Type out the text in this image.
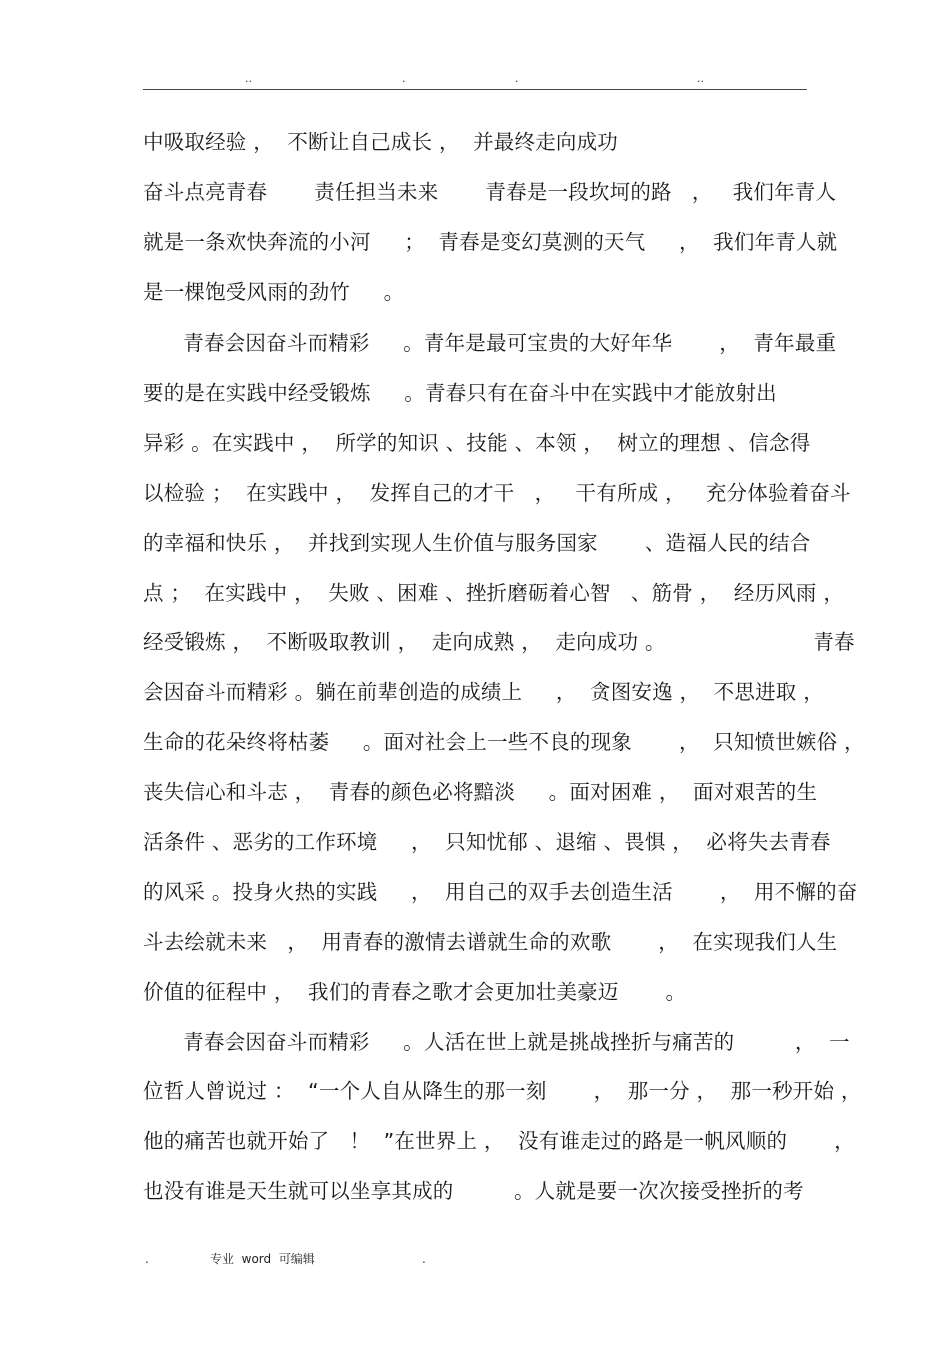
..	.	.	..
中吸取经验 ，  不断让自己成长 ，  并最终走向成功
奋斗点亮青春       责任担当未来       青春是一段坎坷的路   ，   我们年青人
就是一条欢快奔流的小河     ；  青春是变幻莫测的天气     ，  我们年青人就
是一棵饱受风雨的劲竹     。
青春会因奋斗而精彩     。青年是最可宝贵的大好年华       ，  青年最重
要的是在实践中经受锻炼     。青春只有在奋斗中在实践中才能放射出
异彩 。在实践中 ，  所学的知识 、技能 、本领 ，  树立的理想 、信念得
以检验 ；  在实践中 ，  发挥自己的才干   ，   干有所成 ，   充分体验着奋斗
的幸福和快乐 ，  并找到实现人生价值与服务国家       、造福人民的结合
点 ；  在实践中 ，  失败 、困难 、挫折磨砺着心智   、筋骨 ，  经历风雨 ，
经受锻炼 ，  不断吸取教训 ，  走向成熟 ，  走向成功 。                      青春
会因奋斗而精彩 。躺在前辈创造的成绩上     ，  贪图安逸 ，  不思进取 ，
生命的花朵终将枯萎     。面对社会上一些不良的现象       ，  只知愤世嫉俗 ，
丧失信心和斗志 ，  青春的颜色必将黯淡     。面对困难 ，  面对艰苦的生
活条件 、恶劣的工作环境     ，  只知忧郁 、退缩 、畏惧 ，  必将失去青春
的风采 。投身火热的实践     ，  用自己的双手去创造生活       ，  用不懈的奋
斗去绘就未来   ，  用青春的激情去谱就生命的欢歌       ，  在实现我们人生
价值的征程中 ，  我们的青春之歌才会更加壮美豪迈       。
青春会因奋斗而精彩     。人活在世上就是挑战挫折与痛苦的         ，  一
位哲人曾说过 ：  “一个人自从降生的那一刻       ，  那一分 ，  那一秒开始 ，
他的痛苦也就开始了   ！  ”在世界上 ，  没有谁走过的路是一帆风顺的       ，
也没有谁是天生就可以坐享其成的         。人就是要一次次接受挫折的考
.	专业  word  可编辑	.
